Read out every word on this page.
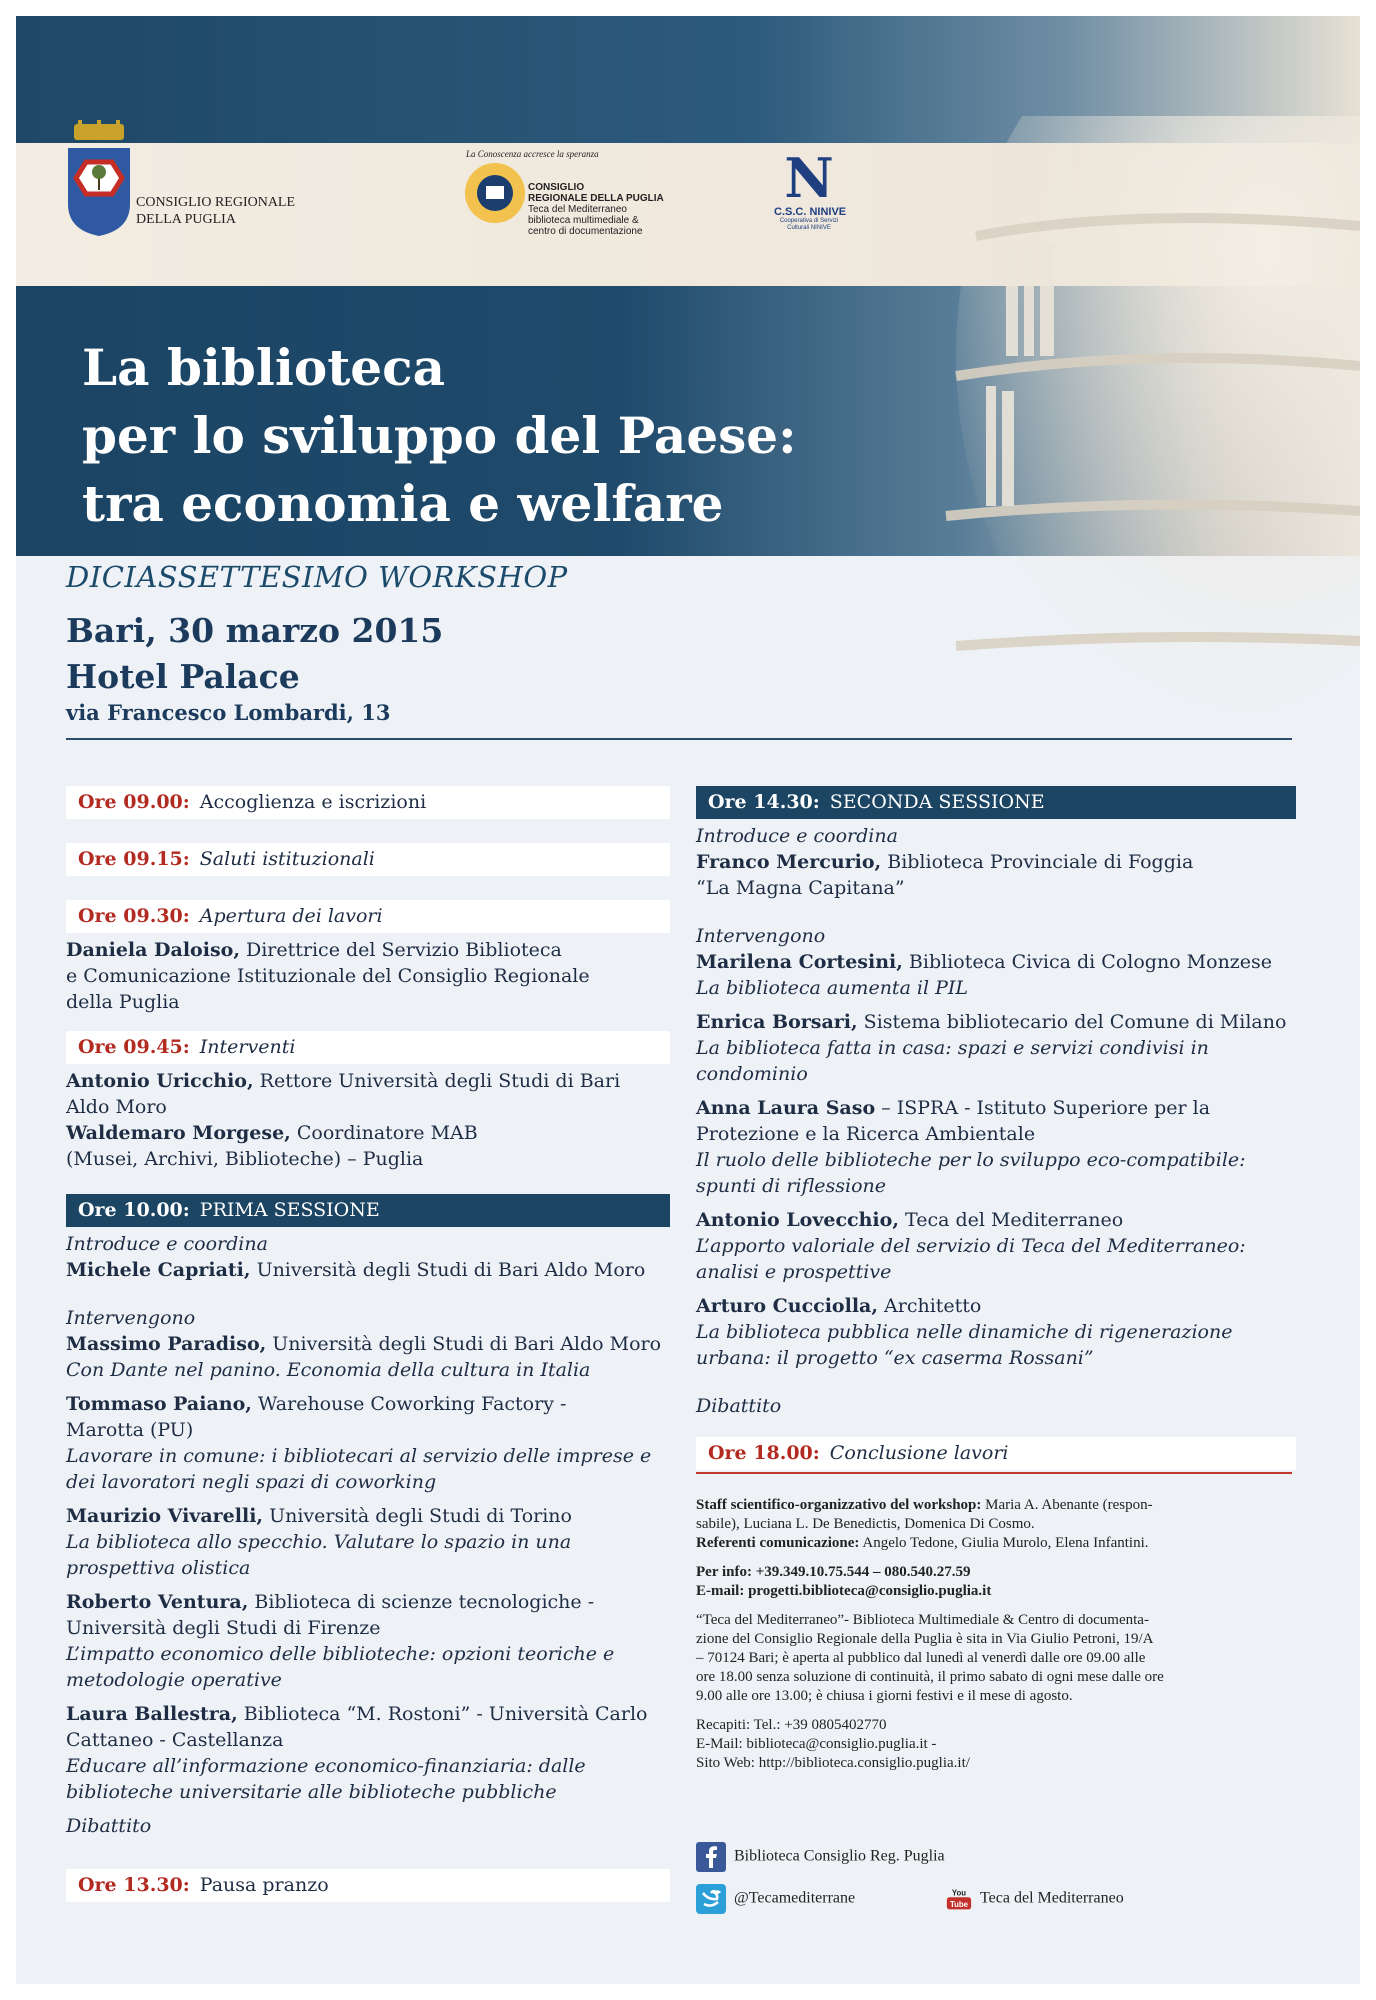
CONSIGLIO REGIONALE
DELLA PUGLIA
La Conoscenza accresce la speranza
CONSIGLIO
REGIONALE DELLA PUGLIA
Teca del Mediterraneo
biblioteca multimediale &
centro di documentazione
N
C.S.C. NINIVE
Cooperativa di Servizi
Culturali NINIVE
La biblioteca
per lo sviluppo del Paese:
tra economia e welfare
DICIASSETTESIMO WORKSHOP
Bari, 30 marzo 2015
Hotel Palace
via Francesco Lombardi, 13
Ore 09.00: Accoglienza e iscrizioni
Ore 09.15: Saluti istituzionali
Ore 09.30: Apertura dei lavori
Daniela Daloiso, Direttrice del Servizio Biblioteca
e Comunicazione Istituzionale del Consiglio Regionale
della Puglia
Ore 09.45: Interventi
Antonio Uricchio, Rettore Università degli Studi di Bari
Aldo Moro
Waldemaro Morgese, Coordinatore MAB
(Musei, Archivi, Biblioteche) – Puglia
Ore 10.00: PRIMA SESSIONE
Introduce e coordina
Michele Capriati, Università degli Studi di Bari Aldo Moro
Intervengono
Massimo Paradiso, Università degli Studi di Bari Aldo Moro
Con Dante nel panino. Economia della cultura in Italia
Tommaso Paiano, Warehouse Coworking Factory -
Marotta (PU)
Lavorare in comune: i bibliotecari al servizio delle imprese e
dei lavoratori negli spazi di coworking
Maurizio Vivarelli, Università degli Studi di Torino
La biblioteca allo specchio. Valutare lo spazio in una
prospettiva olistica
Roberto Ventura, Biblioteca di scienze tecnologiche -
Università degli Studi di Firenze
L’impatto economico delle biblioteche: opzioni teoriche e
metodologie operative
Laura Ballestra, Biblioteca “M. Rostoni” - Università Carlo
Cattaneo - Castellanza
Educare all’informazione economico-finanziaria: dalle
biblioteche universitarie alle biblioteche pubbliche
Dibattito
Ore 13.30: Pausa pranzo
Ore 14.30: SECONDA SESSIONE
Introduce e coordina
Franco Mercurio, Biblioteca Provinciale di Foggia
“La Magna Capitana”
Intervengono
Marilena Cortesini, Biblioteca Civica di Cologno Monzese
La biblioteca aumenta il PIL
Enrica Borsari, Sistema bibliotecario del Comune di Milano
La biblioteca fatta in casa: spazi e servizi condivisi in
condominio
Anna Laura Saso – ISPRA - Istituto Superiore per la
Protezione e la Ricerca Ambientale
Il ruolo delle biblioteche per lo sviluppo eco-compatibile:
spunti di riflessione
Antonio Lovecchio, Teca del Mediterraneo
L’apporto valoriale del servizio di Teca del Mediterraneo:
analisi e prospettive
Arturo Cucciolla, Architetto
La biblioteca pubblica nelle dinamiche di rigenerazione
urbana: il progetto “ex caserma Rossani”
Dibattito
Ore 18.00: Conclusione lavori
Staff scientifico-organizzativo del workshop: Maria A. Abenante (respon-
sabile), Luciana L. De Benedictis, Domenica Di Cosmo.
Referenti comunicazione: Angelo Tedone, Giulia Murolo, Elena Infantini.
Per info: +39.349.10.75.544 – 080.540.27.59
E-mail: progetti.biblioteca@consiglio.puglia.it
“Teca del Mediterraneo”- Biblioteca Multimediale & Centro di documenta-
zione del Consiglio Regionale della Puglia è sita in Via Giulio Petroni, 19/A
– 70124 Bari; è aperta al pubblico dal lunedì al venerdì dalle ore 09.00 alle
ore 18.00 senza soluzione di continuità, il primo sabato di ogni mese dalle ore
9.00 alle ore 13.00; è chiusa i giorni festivi e il mese di agosto.
Recapiti: Tel.: +39 0805402770
E-Mail: biblioteca@consiglio.puglia.it -
Sito Web: http://biblioteca.consiglio.puglia.it/
Biblioteca Consiglio Reg. Puglia
@Tecamediterrane	You
Tube Teca del Mediterraneo
